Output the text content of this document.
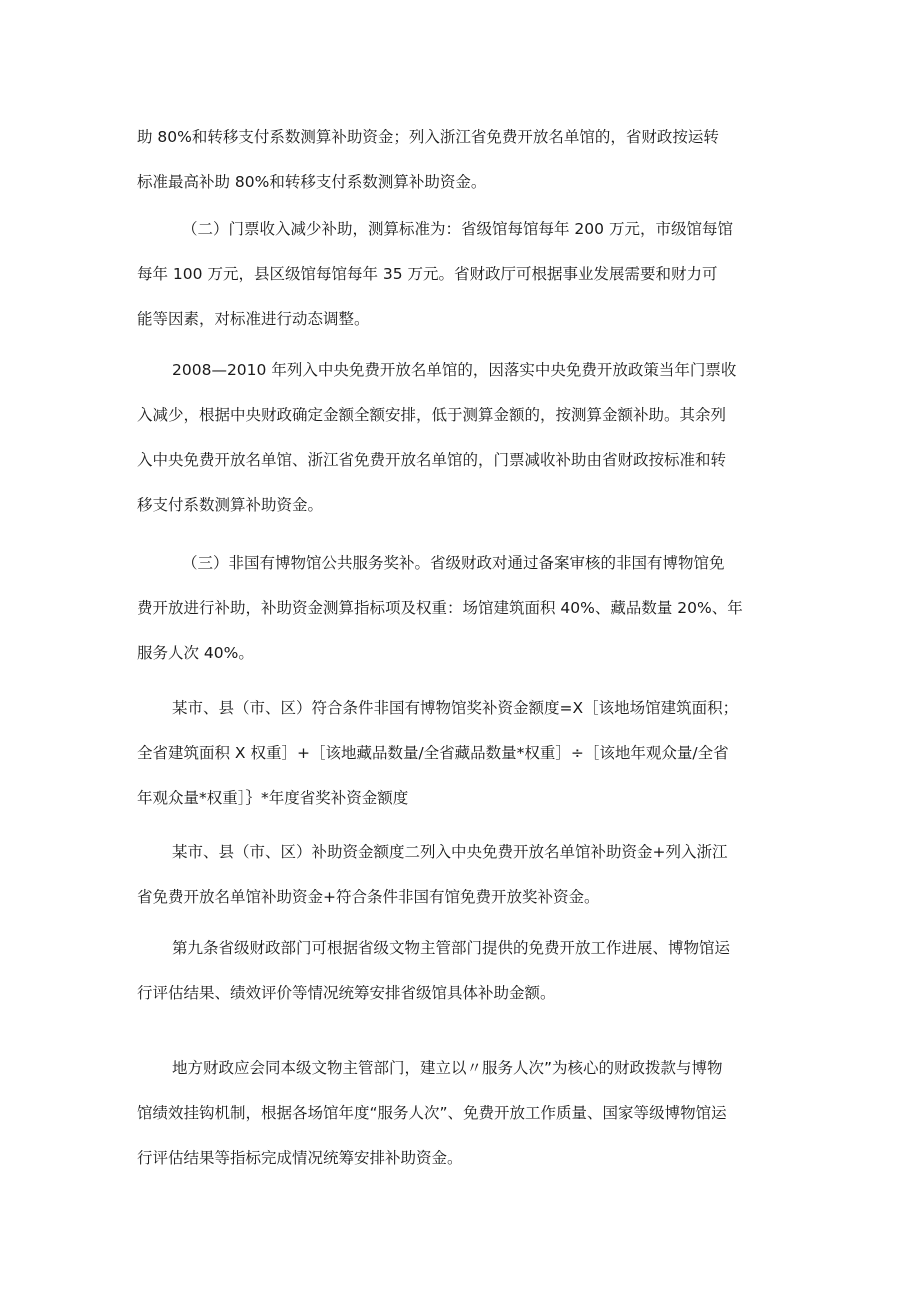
助 80%和转移支付系数测算补助资金；列入浙江省免费开放名单馆的，省财政按运转
标准最高补助 80%和转移支付系数测算补助资金。
（二）门票收入减少补助，测算标准为：省级馆每馆每年 200 万元，市级馆每馆
每年 100 万元，县区级馆每馆每年 35 万元。省财政厅可根据事业发展需要和财力可
能等因素，对标准进行动态调整。
2008—2010 年列入中央免费开放名单馆的，因落实中央免费开放政策当年门票收
入减少，根据中央财政确定金额全额安排，低于测算金额的，按测算金额补助。其余列
入中央免费开放名单馆、浙江省免费开放名单馆的，门票减收补助由省财政按标准和转
移支付系数测算补助资金。
（三）非国有博物馆公共服务奖补。省级财政对通过备案审核的非国有博物馆免
费开放进行补助，补助资金测算指标项及权重：场馆建筑面积 40%、藏品数量 20%、年
服务人次 40%。
某市、县（市、区）符合条件非国有博物馆奖补资金额度=X［该地场馆建筑面积；
全省建筑面积 X 权重］+［该地藏品数量/全省藏品数量*权重］÷［该地年观众量/全省
年观众量*权重］｝*年度省奖补资金额度
某市、县（市、区）补助资金额度二列入中央免费开放名单馆补助资金+列入浙江
省免费开放名单馆补助资金+符合条件非国有馆免费开放奖补资金。
第九条省级财政部门可根据省级文物主管部门提供的免费开放工作进展、博物馆运
行评估结果、绩效评价等情况统筹安排省级馆具体补助金额。
地方财政应会同本级文物主管部门，建立以〃服务人次”为核心的财政拨款与博物
馆绩效挂钩机制，根据各场馆年度“服务人次”、免费开放工作质量、国家等级博物馆运
行评估结果等指标完成情况统筹安排补助资金。
